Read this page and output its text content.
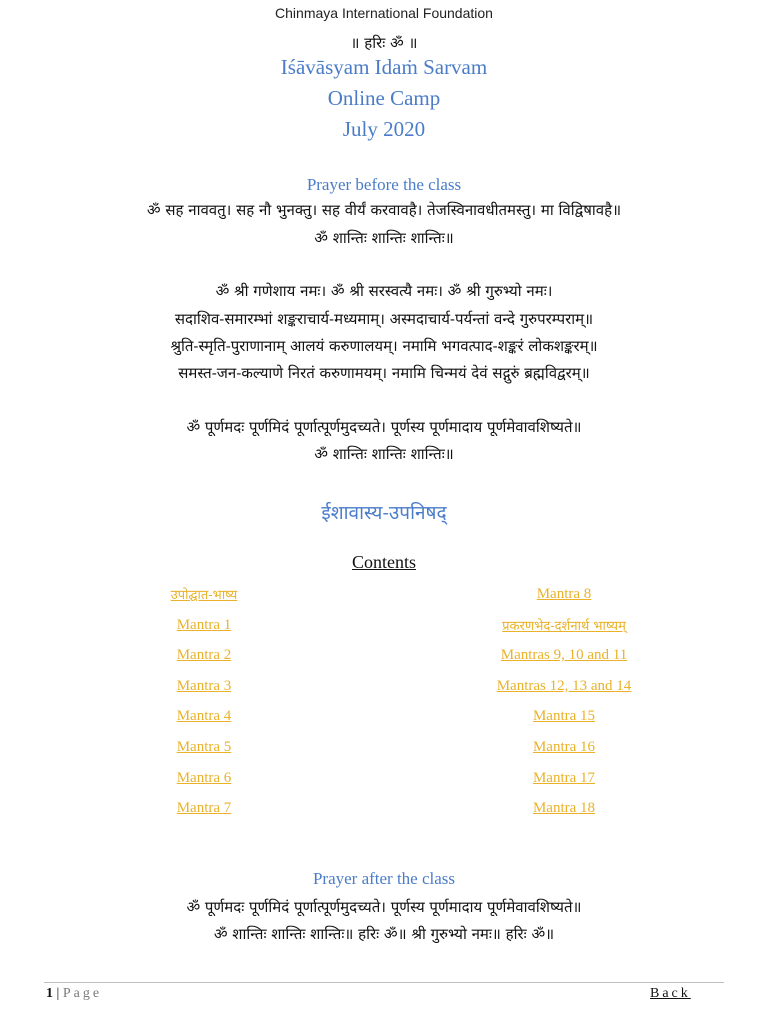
Chinmaya International Foundation
॥ हरिः ॐ ॥
Iśāvāsyam Idaṁ Sarvam
Online Camp
July 2020
Prayer before the class
ॐ सह नाववतु। सह नौ भुनक्तु। सह वीर्यं करवावहै। तेजस्विनावधीतमस्तु। मा विद्विषावहै॥
ॐ शान्तिः शान्तिः शान्तिः॥
ॐ श्री गणेशाय नमः। ॐ श्री सरस्वत्यै नमः। ॐ श्री गुरुभ्यो नमः।
सदाशिव-समारम्भां शङ्कराचार्य-मध्यमाम्। अस्मदाचार्य-पर्यन्तां वन्दे गुरुपरम्पराम्॥
श्रुति-स्मृति-पुराणानाम् आलयं करुणालयम्। नमामि भगवत्पाद-शङ्करं लोकशङ्करम्॥
समस्त-जन-कल्याणे निरतं करुणामयम्। नमामि चिन्मयं देवं सद्गुरुं ब्रह्मविद्वरम्॥
ॐ पूर्णमदः पूर्णमिदं पूर्णात्पूर्णमुदच्यते। पूर्णस्य पूर्णमादाय पूर्णमेवावशिष्यते॥
ॐ शान्तिः शान्तिः शान्तिः॥
ईशावास्य-उपनिषद्
Contents
उपोद्घात-भाष्य
Mantra 1
Mantra 2
Mantra 3
Mantra 4
Mantra 5
Mantra 6
Mantra 7
Mantra 8
प्रकरणभेद-दर्शनार्थ भाष्यम्
Mantras 9, 10 and 11
Mantras 12, 13 and 14
Mantra 15
Mantra 16
Mantra 17
Mantra 18
Prayer after the class
ॐ पूर्णमदः पूर्णमिदं पूर्णात्पूर्णमुदच्यते। पूर्णस्य पूर्णमादाय पूर्णमेवावशिष्यते॥
ॐ शान्तिः शान्तिः शान्तिः॥ हरिः ॐ॥ श्री गुरुभ्यो नमः॥ हरिः ॐ॥
1 | Page	Back
